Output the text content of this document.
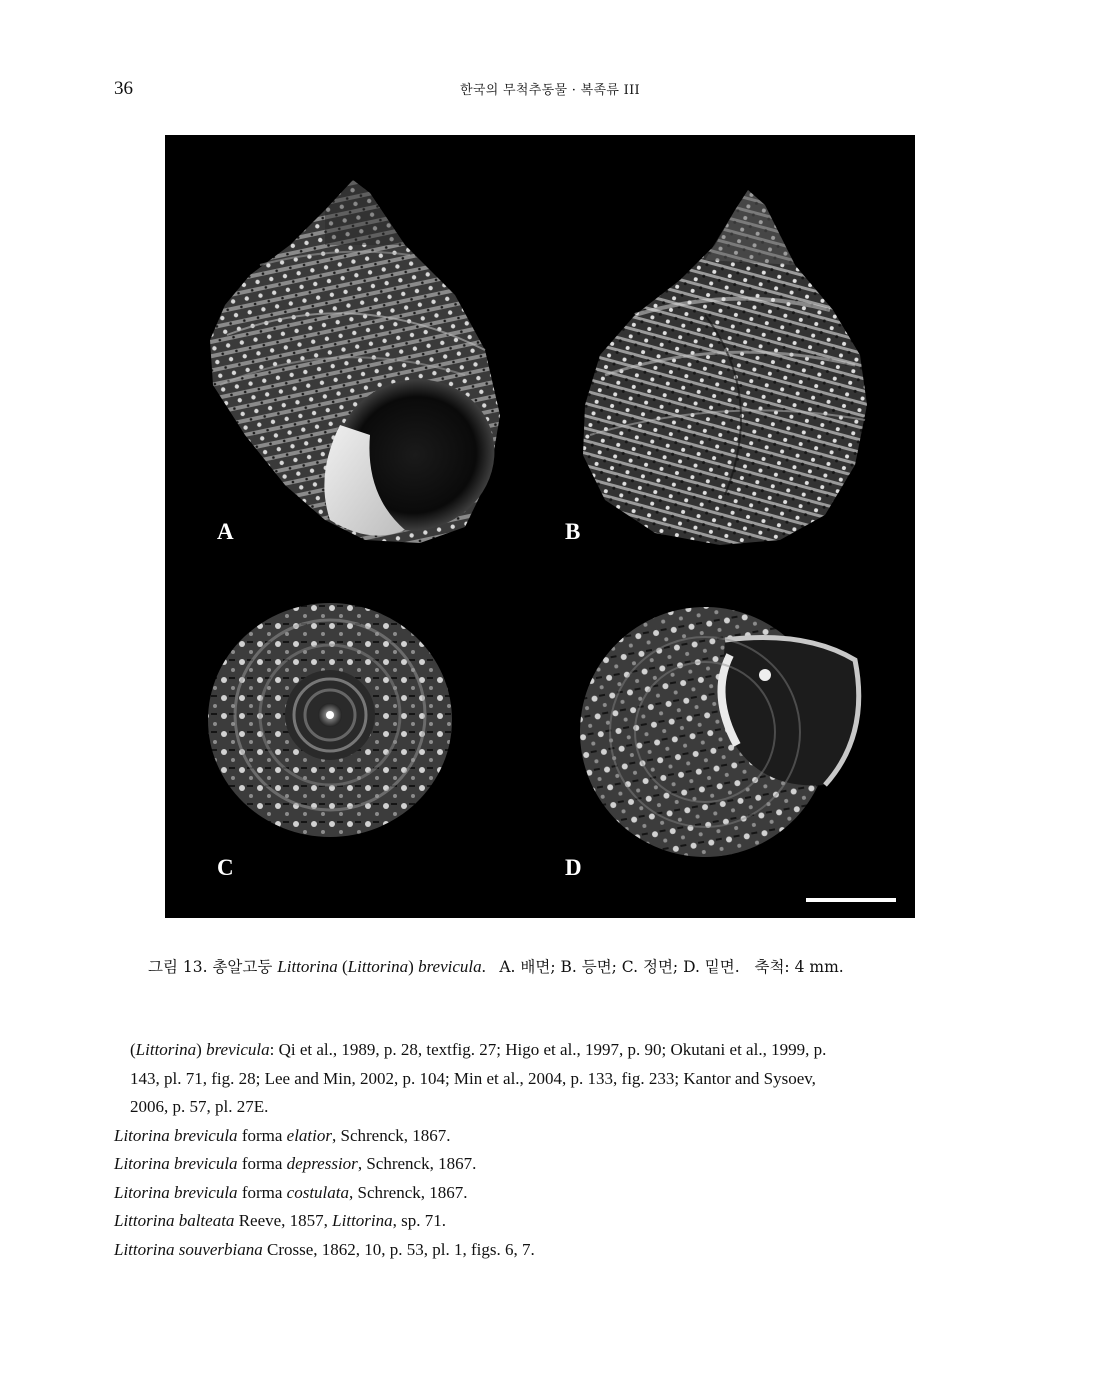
36	한국의 무척추동물 · 복족류 III
A	B
C	D
그림 13. 총알고둥 Littorina (Littorina) brevicula.   A. 배면; B. 등면; C. 정면; D. 밑면. 축척: 4 mm.
(Littorina) brevicula: Qi et al., 1989, p. 28, textfig. 27; Higo et al., 1997, p. 90; Okutani et al., 1999, p.
143, pl. 71, fig. 28; Lee and Min, 2002, p. 104; Min et al., 2004, p. 133, fig. 233; Kantor and Sysoev,
2006, p. 57, pl. 27E.
Litorina brevicula forma elatior, Schrenck, 1867.
Litorina brevicula forma depressior, Schrenck, 1867.
Litorina brevicula forma costulata, Schrenck, 1867.
Littorina balteata Reeve, 1857, Littorina, sp. 71.
Littorina souverbiana Crosse, 1862, 10, p. 53, pl. 1, figs. 6, 7.
